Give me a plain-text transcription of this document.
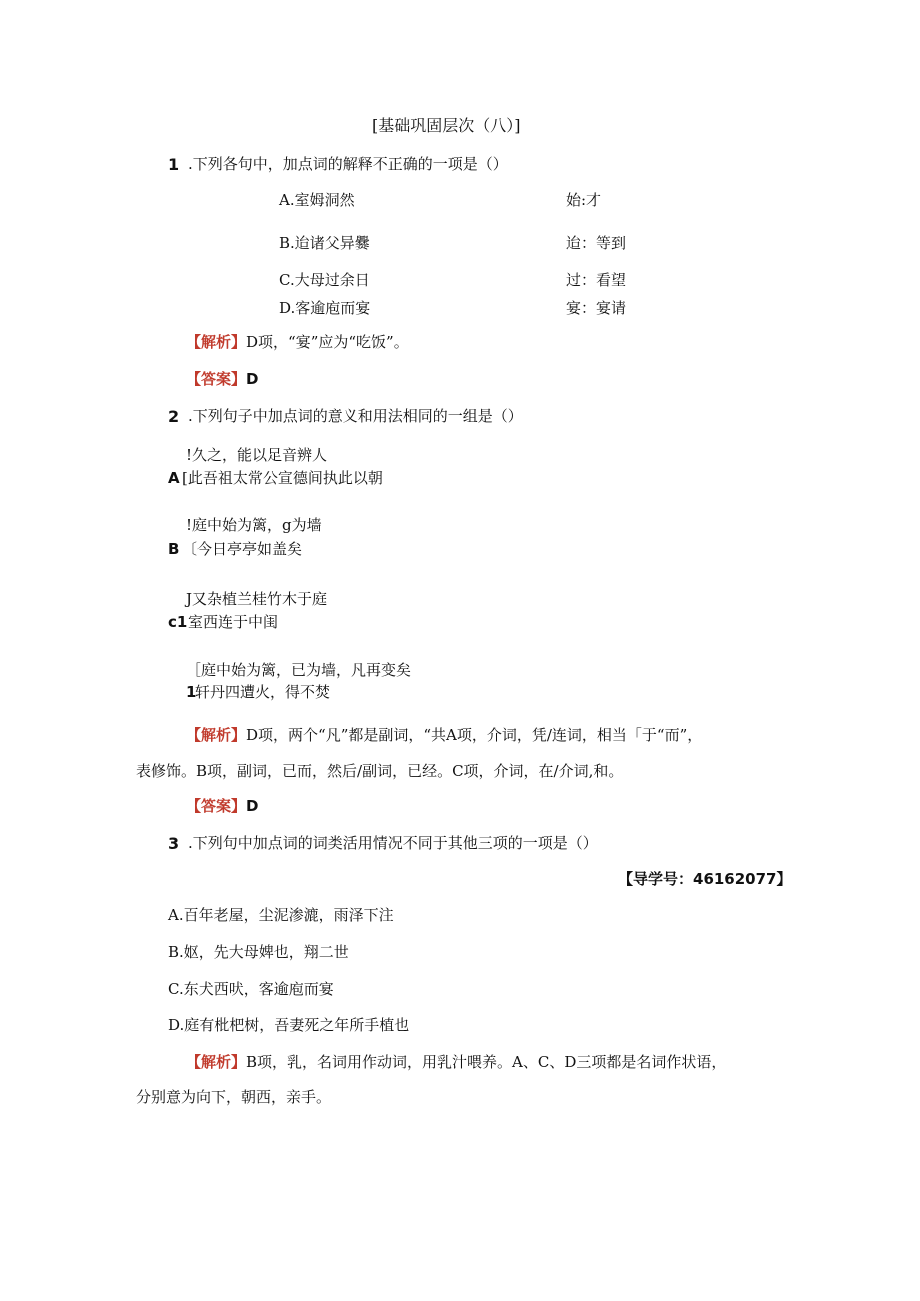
[基础巩固层次（八）]
1 .下列各句中，加点词的解释不正确的一项是（）
A.室姆洞然	始:才
B.迨诸父异爨	迨：等到
C.大母过余日	过：看望
D.客逾庖而宴	宴：宴请
【解析】D项，“宴”应为“吃饭”。
【答案】D
2 .下列句子中加点词的意义和用法相同的一组是（）
!久之，能以足音辨人
A [此吾祖太常公宣德间执此以朝
!庭中始为篱，g为墙
B 〔今日亭亭如盖矣
J又杂植兰桂竹木于庭
c1 室西连于中闺
［庭中始为篱，已为墙，凡再变矣
1
轩丹四遭火，得不焚
【解析】D项，两个“凡”都是副词，“共A项，介词，凭/连词，相当「于“而”，
表修饰。B项，副词，已而，然后/副词，已经。C项，介词，在/介词,和。
【答案】D
3 .下列句中加点词的词类活用情况不同于其他三项的一项是（）
【导学号：46162077】
A.百年老屋，尘泥渗漉，雨泽下注
B.妪，先大母婢也，翔二世
C.东犬西吠，客逾庖而宴
D.庭有枇杷树，吾妻死之年所手植也
【解析】B项，乳，名词用作动词，用乳汁喂养。A、C、D三项都是名词作状语，
分别意为向下，朝西，亲手。
